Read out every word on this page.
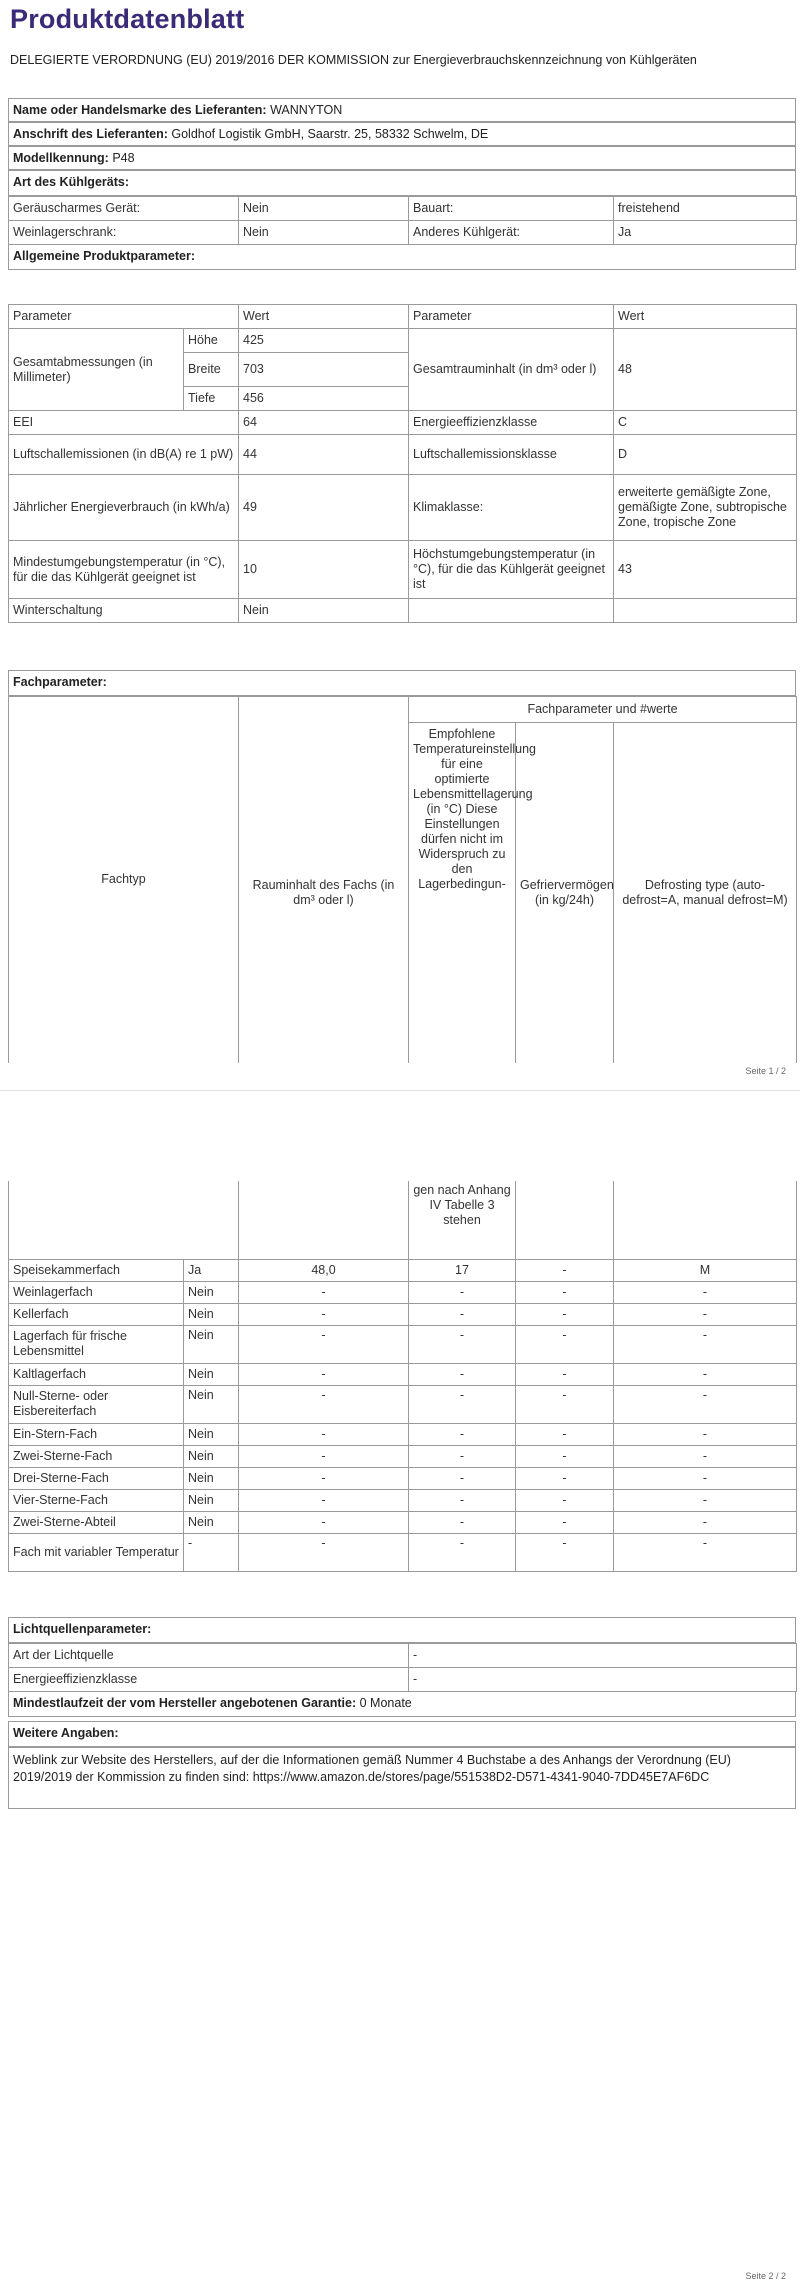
Produktdatenblatt
DELEGIERTE VERORDNUNG (EU) 2019/2016 DER KOMMISSION zur Energieverbrauchskennzeichnung von Kühlgeräten
Name oder Handelsmarke des Lieferanten: WANNYTON
Anschrift des Lieferanten: Goldhof Logistik GmbH, Saarstr. 25, 58332 Schwelm, DE
Modellkennung: P48
Art des Kühlgeräts:
Geräuscharmes Gerät:	Nein	Bauart:	freistehend
Weinlagerschrank:	Nein	Anderes Kühlgerät:	Ja
Allgemeine Produktparameter:
Parameter		Wert	Parameter	Wert
Gesamtabmessungen (in Millimeter)	Höhe	425	Gesamtrauminhalt (in dm³ oder l)	48
	Breite	703		
	Tiefe	456		
EEI		64	Energieeffizienzklasse	C
Luftschallemissionen (in dB(A) re 1 pW)		44	Luftschallemissionsklasse	D
Jährlicher Energieverbrauch (in kWh/a)		49	Klimaklasse:	erweiterte gemäßigte Zone, gemäßigte Zone, subtropische Zone, tropische Zone
Mindestumgebungstemperatur (in °C), für die das Kühlgerät geeignet ist		10	Höchstumgebungstemperatur (in °C), für die das Kühlgerät geeignet ist	43
Winterschaltung		Nein		
Fachparameter:
Fachtyp		Fachparameter und #werte		
	Rauminhalt des Fachs (in dm³ oder l)	Empfohlene Temperatureinstellung für eine optimierte Lebensmittellagerung (in °C) Diese Einstellungen dürfen nicht im Widerspruch zu den Lagerbedingun-	Gefriervermögen (in kg/24h)	Defrosting type (auto-defrost=A, manual defrost=M)
Seite 1 / 2
			gen nach Anhang IV Tabelle 3 stehen		
Speisekammerfach	Ja	48,0	17	-	M
Weinlagerfach	Nein	-	-	-	-
Kellerfach	Nein	-	-	-	-
Lagerfach für frische Lebensmittel	Nein	-	-	-	-
Kaltlagerfach	Nein	-	-	-	-
Null-Sterne- oder Eisbereiterfach	Nein	-	-	-	-
Ein-Stern-Fach	Nein	-	-	-	-
Zwei-Sterne-Fach	Nein	-	-	-	-
Drei-Sterne-Fach	Nein	-	-	-	-
Vier-Sterne-Fach	Nein	-	-	-	-
Zwei-Sterne-Abteil	Nein	-	-	-	-
Fach mit variabler Temperatur	-	-	-	-	-
Lichtquellenparameter:
Art der Lichtquelle	-
Energieeffizienzklasse	-
Mindestlaufzeit der vom Hersteller angebotenen Garantie: 0 Monate
Weitere Angaben:
Weblink zur Website des Herstellers, auf der die Informationen gemäß Nummer 4 Buchstabe a des Anhangs der Verordnung (EU) 2019/2019 der Kommission zu finden sind: https://www.amazon.de/stores/page/551538D2-D571-4341-9040-7DD45E7AF6DC
Seite 2 / 2
